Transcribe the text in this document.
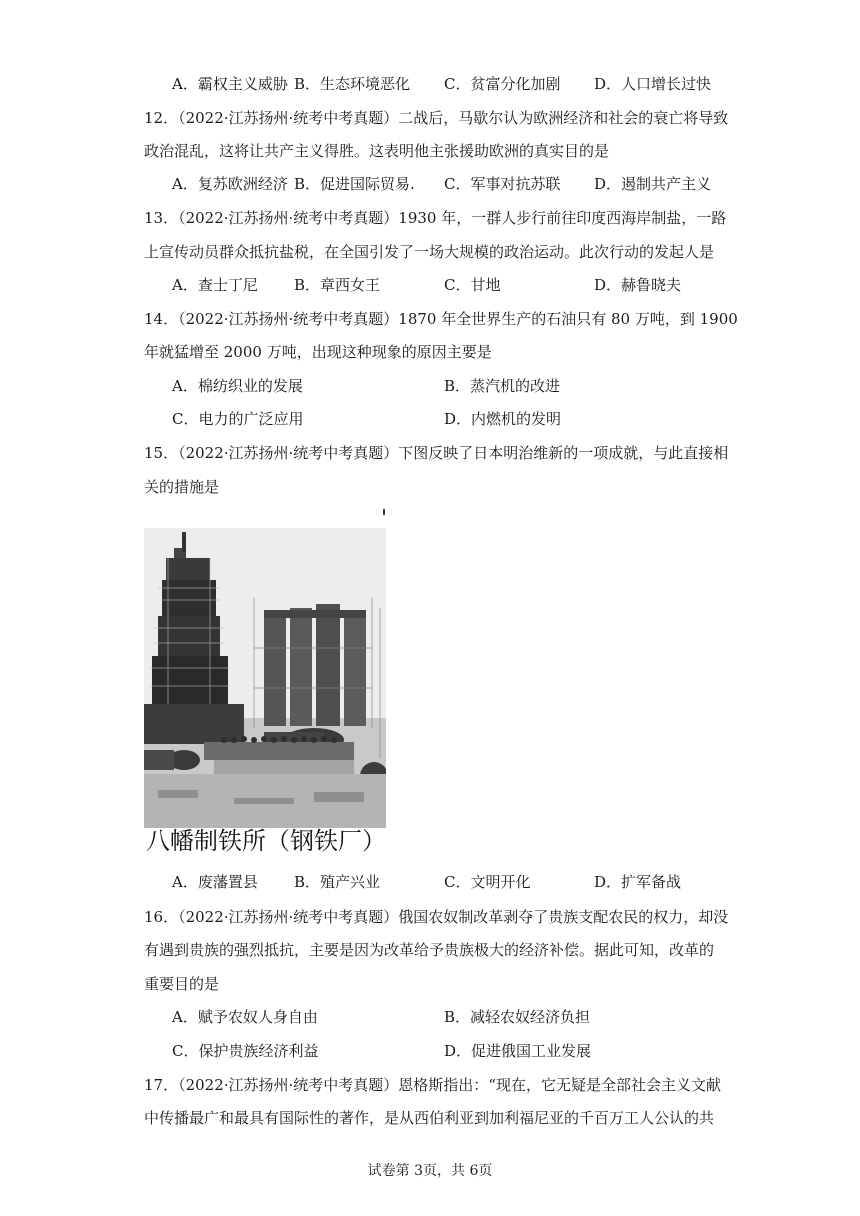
A．霸权主义威胁 B．生态环境恶化 C．贫富分化加剧 D．人口增长过快
12．（2022·江苏扬州·统考中考真题）二战后，马歇尔认为欧洲经济和社会的衰亡将导致
政治混乱，这将让共产主义得胜。这表明他主张援助欧洲的真实目的是
A．复苏欧洲经济 B．促进国际贸易. C．军事对抗苏联 D．遏制共产主义
13．（2022·江苏扬州·统考中考真题）1930 年，一群人步行前往印度西海岸制盐，一路
上宣传动员群众抵抗盐税，在全国引发了一场大规模的政治运动。此次行动的发起人是
A．查士丁尼 B．章西女王	C．甘地	D．赫鲁晓夫
14．（2022·江苏扬州·统考中考真题）1870 年全世界生产的石油只有 80 万吨，到 1900
年就猛增至 2000 万吨，出现这种现象的原因主要是
A．棉纺织业的发展	B．蒸汽机的改进
C．电力的广泛应用	D．内燃机的发明
15．（2022·江苏扬州·统考中考真题）下图反映了日本明治维新的一项成就，与此直接相
关的措施是
八幡制铁所（钢铁厂）
A．废藩置县 B．殖产兴业	C．文明开化	D．扩军备战
16．（2022·江苏扬州·统考中考真题）俄国农奴制改革剥夺了贵族支配农民的权力，却没
有遇到贵族的强烈抵抗，主要是因为改革给予贵族极大的经济补偿。据此可知，改革的
重要目的是
A．赋予农奴人身自由	B．减轻农奴经济负担
C．保护贵族经济利益	D．促进俄国工业发展
17．（2022·江苏扬州·统考中考真题）恩格斯指出：“现在，它无疑是全部社会主义文献
中传播最广和最具有国际性的著作，是从西伯利亚到加利福尼亚的千百万工人公认的共
试卷第 3页，共 6页
